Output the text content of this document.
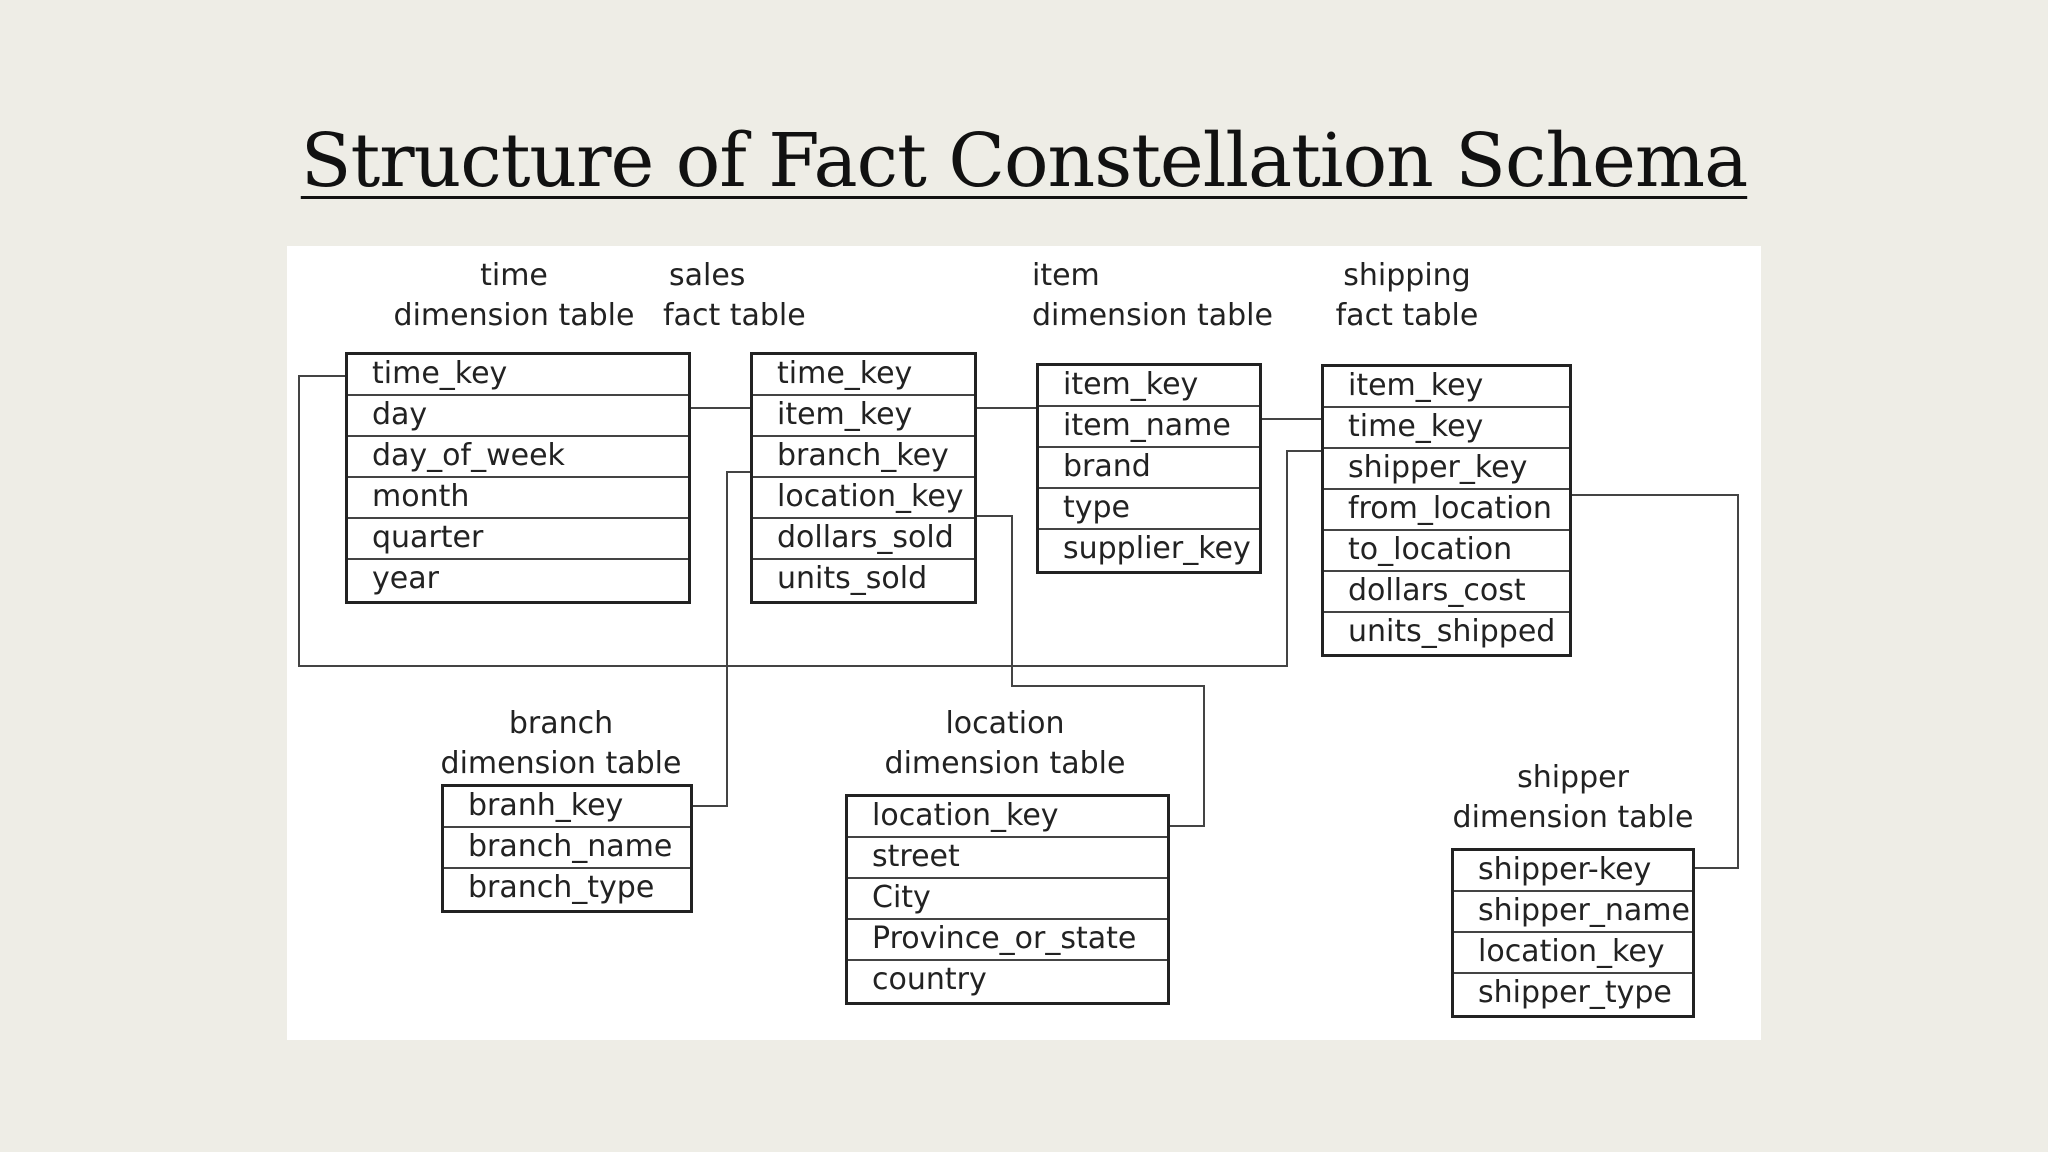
Structure of Fact Constellation Schema
time
dimension table
time_key
day
day_of_week
month
quarter
year
sales
fact table
time_key
item_key
branch_key
location_key
dollars_sold
units_sold
item
dimension table
item_key
item_name
brand
type
supplier_key
shipping
fact table
item_key
time_key
shipper_key
from_location
to_location
dollars_cost
units_shipped
branch
dimension table
branh_key
branch_name
branch_type
location
dimension table
location_key
street
City
Province_or_state
country
shipper
dimension table
shipper-key
shipper_name
location_key
shipper_type
